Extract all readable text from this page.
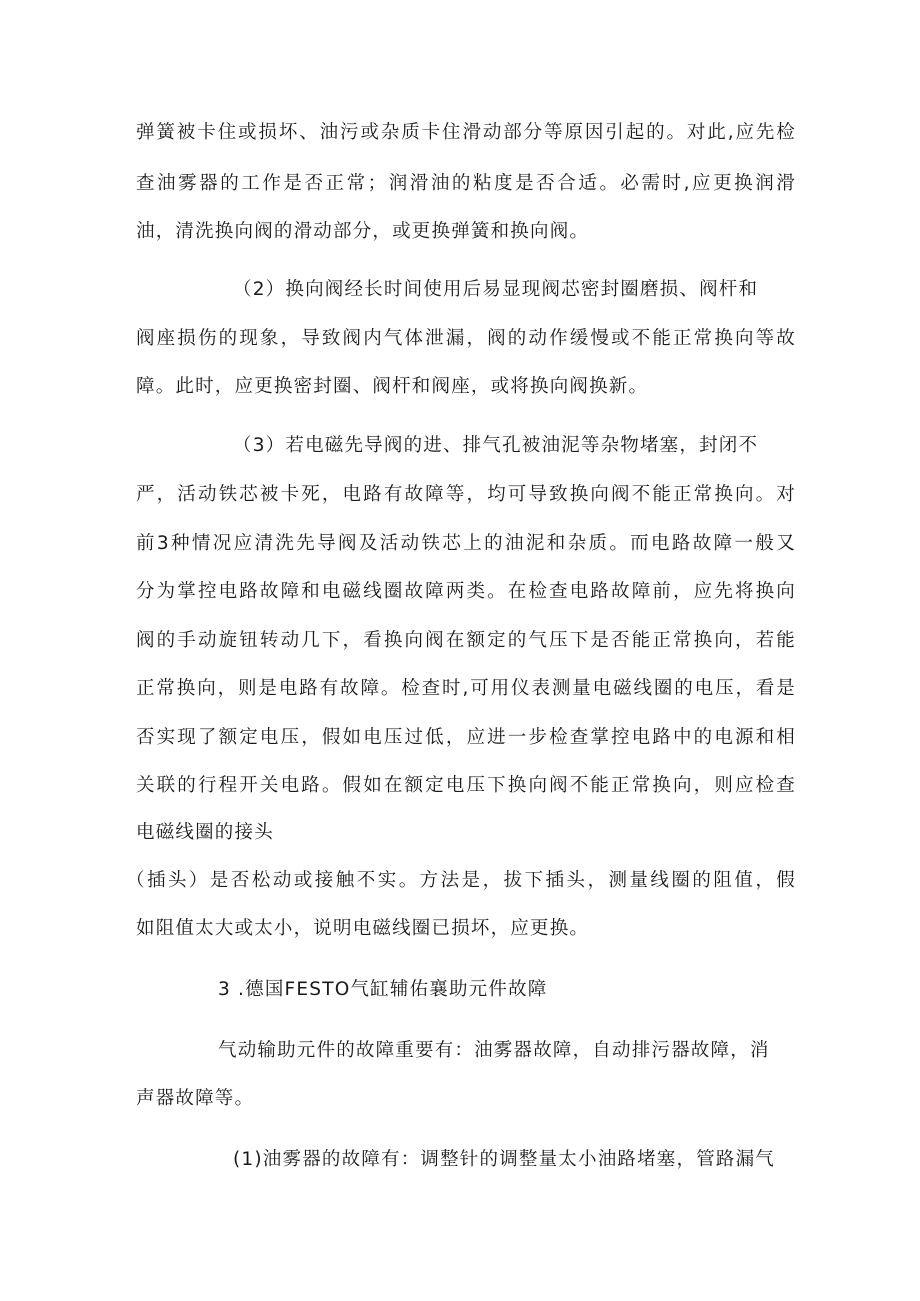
弹簧被卡住或损坏、油污或杂质卡住滑动部分等原因引起的。对此,应先检
查油雾器的工作是否正常；润滑油的粘度是否合适。必需时,应更换润滑
油，清洗换向阀的滑动部分，或更换弹簧和换向阀。
（2）换向阀经长时间使用后易显现阀芯密封圈磨损、阀杆和
阀座损伤的现象，导致阀内气体泄漏，阀的动作缓慢或不能正常换向等故
障。此时，应更换密封圈、阀杆和阀座，或将换向阀换新。
（3）若电磁先导阀的进、排气孔被油泥等杂物堵塞，封闭不
严，活动铁芯被卡死，电路有故障等，均可导致换向阀不能正常换向。对
前3种情况应清洗先导阀及活动铁芯上的油泥和杂质。而电路故障一般又
分为掌控电路故障和电磁线圈故障两类。在检查电路故障前，应先将换向
阀的手动旋钮转动几下，看换向阀在额定的气压下是否能正常换向，若能
正常换向，则是电路有故障。检查时,可用仪表测量电磁线圈的电压，看是
否实现了额定电压，假如电压过低，应进一步检查掌控电路中的电源和相
关联的行程开关电路。假如在额定电压下换向阀不能正常换向，则应检查
电磁线圈的接头
（插头）是否松动或接触不实。方法是，拔下插头，测量线圈的阻值，假
如阻值太大或太小，说明电磁线圈已损坏，应更换。
3 .德国FESTO气缸辅佑襄助元件故障
气动输助元件的故障重要有：油雾器故障，自动排污器故障，消
声器故障等。
(1)油雾器的故障有：调整针的调整量太小油路堵塞，管路漏气
